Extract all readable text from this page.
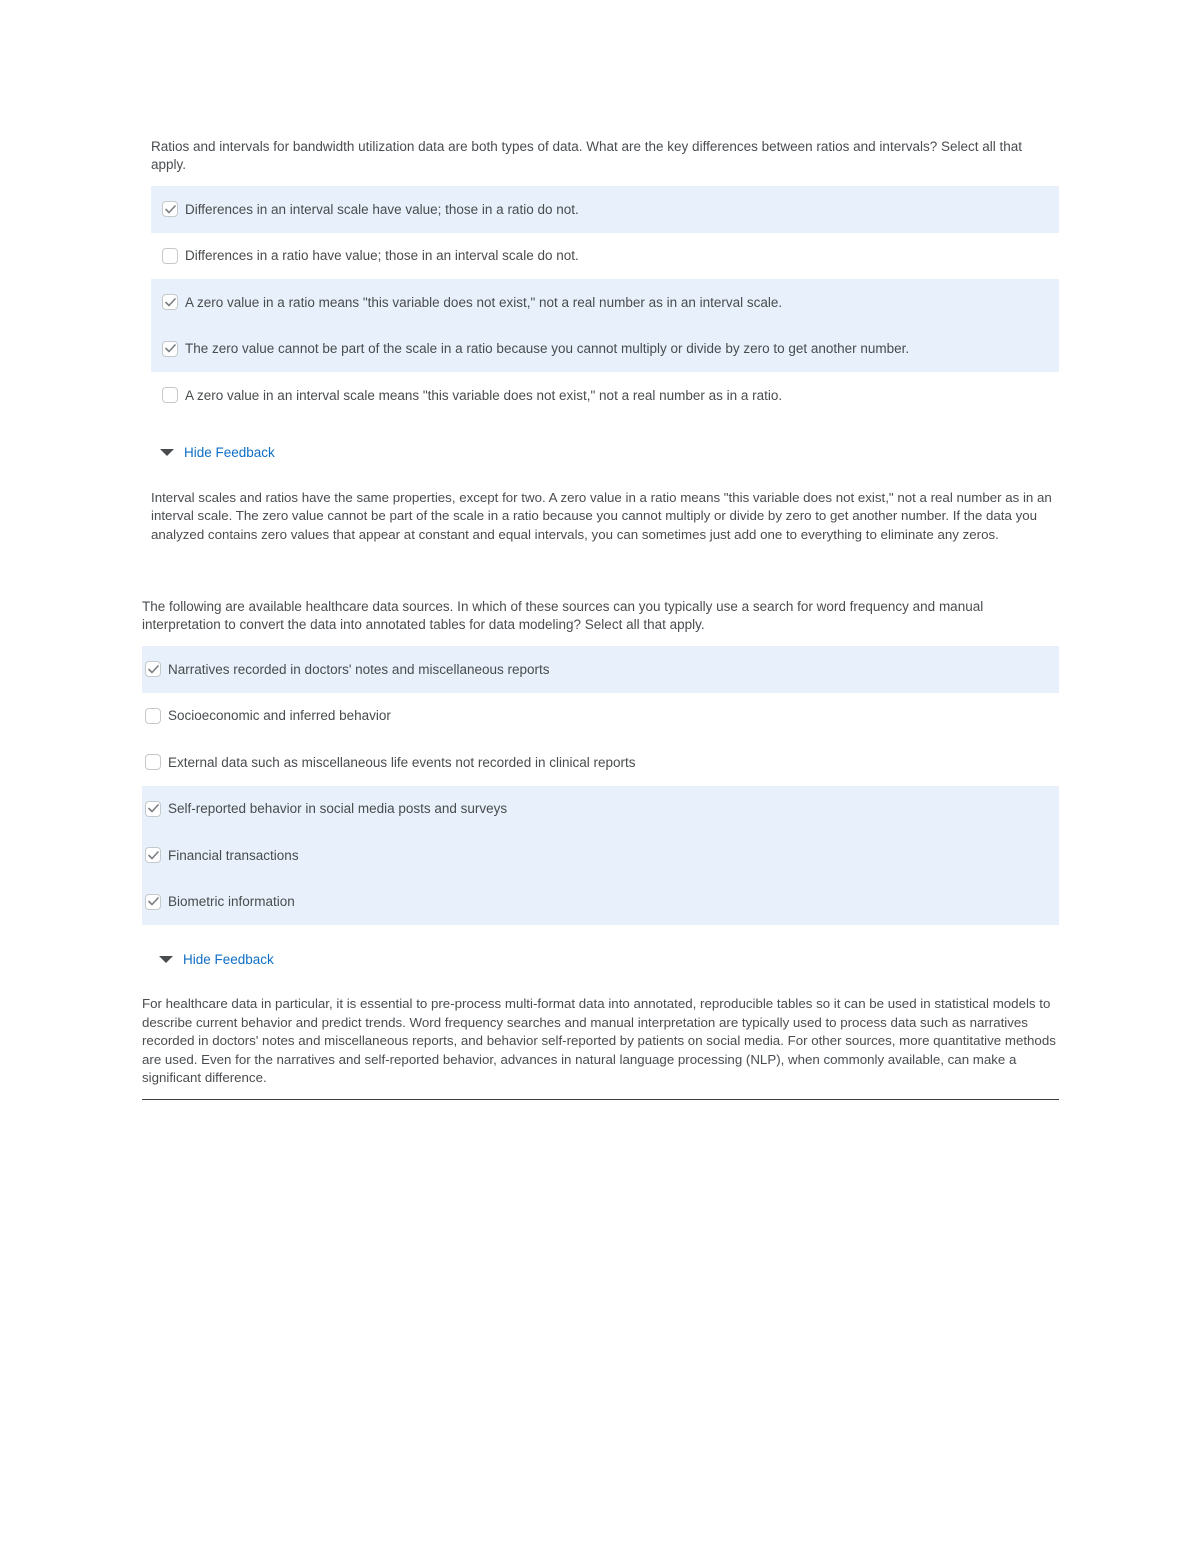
Ratios and intervals for bandwidth utilization data are both types of data. What are the key differences between ratios and intervals? Select all that apply.

Differences in an interval scale have value; those in a ratio do not.
Differences in a ratio have value; those in an interval scale do not.
A zero value in a ratio means "this variable does not exist," not a real number as in an interval scale.
The zero value cannot be part of the scale in a ratio because you cannot multiply or divide by zero to get another number.
A zero value in an interval scale means "this variable does not exist," not a real number as in a ratio.
Hide Feedback

Interval scales and ratios have the same properties, except for two. A zero value in a ratio means "this variable does not exist," not a real number as in an interval scale. The zero value cannot be part of the scale in a ratio because you cannot multiply or divide by zero to get another number. If the data you analyzed contains zero values that appear at constant and equal intervals, you can sometimes just add one to everything to eliminate any zeros.

The following are available healthcare data sources. In which of these sources can you typically use a search for word frequency and manual interpretation to convert the data into annotated tables for data modeling? Select all that apply.

Narratives recorded in doctors' notes and miscellaneous reports
Socioeconomic and inferred behavior
External data such as miscellaneous life events not recorded in clinical reports
Self-reported behavior in social media posts and surveys
Financial transactions
Biometric information
Hide Feedback

For healthcare data in particular, it is essential to pre-process multi-format data into annotated, reproducible tables so it can be used in statistical models to describe current behavior and predict trends. Word frequency searches and manual interpretation are typically used to process data such as narratives recorded in doctors' notes and miscellaneous reports, and behavior self-reported by patients on social media. For other sources, more quantitative methods are used. Even for the narratives and self-reported behavior, advances in natural language processing (NLP), when commonly available, can make a significant difference.
